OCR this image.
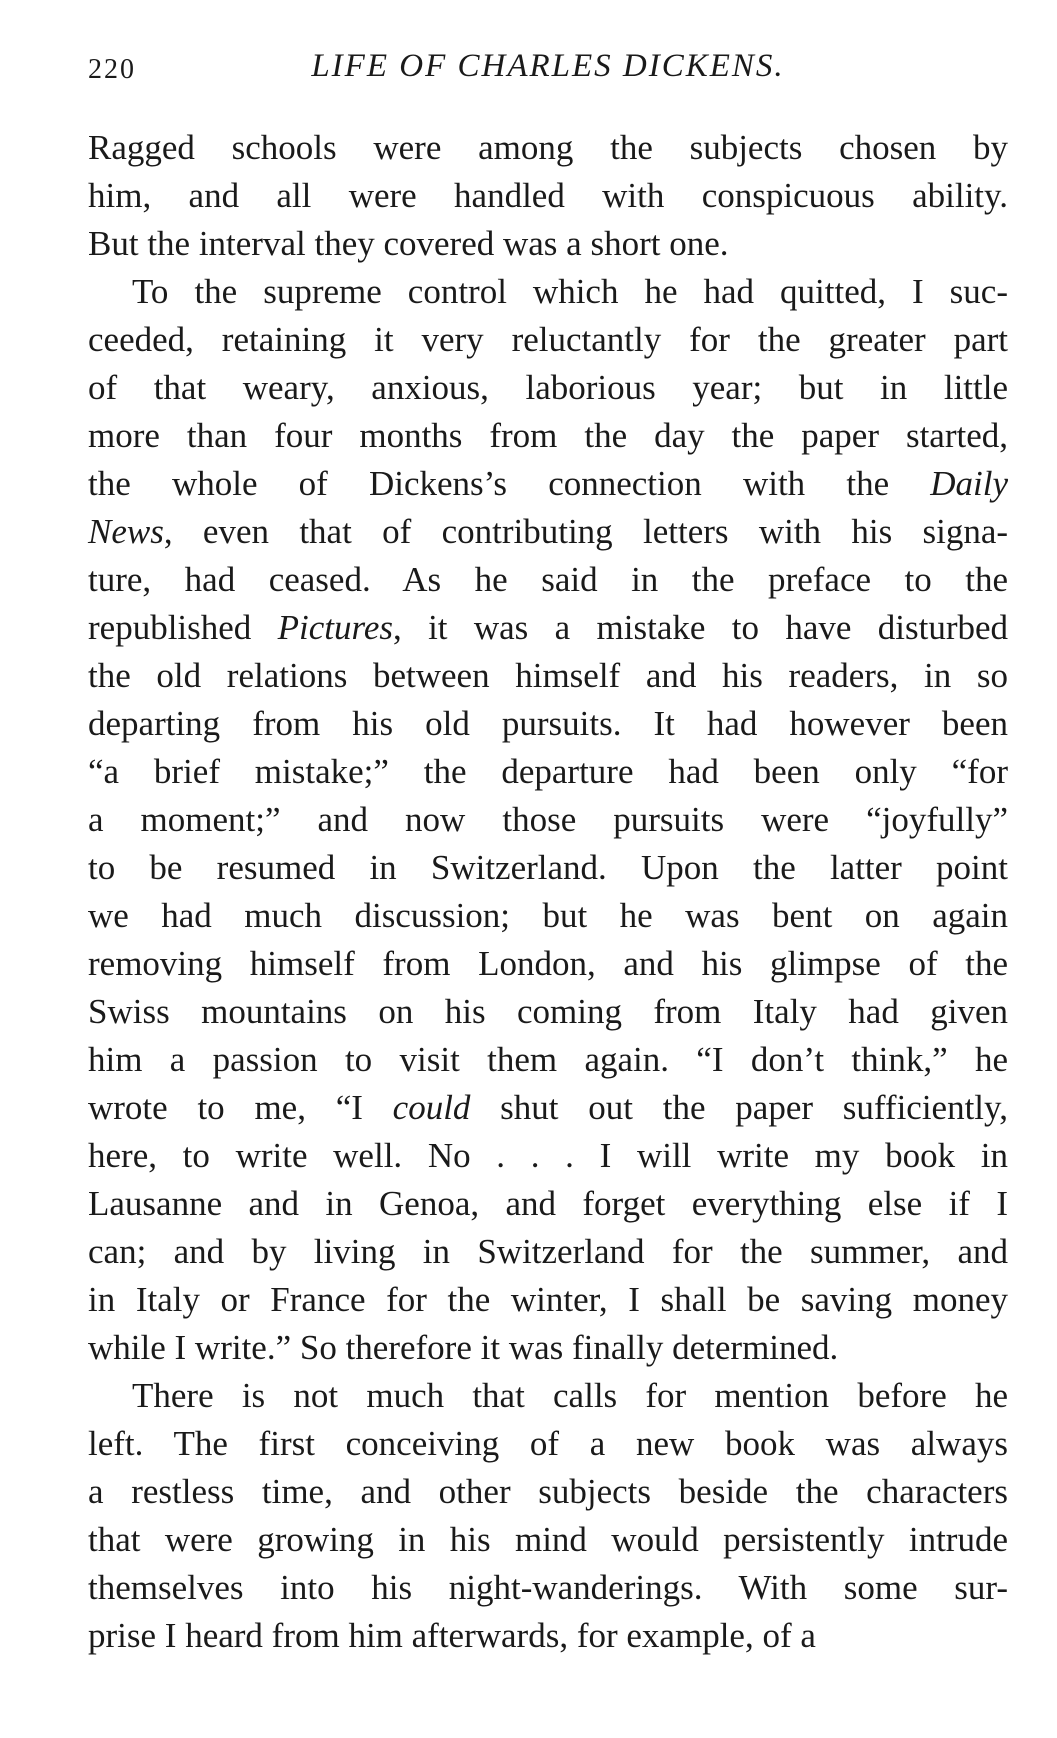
220	LIFE OF CHARLES DICKENS.
Ragged schools were among the subjects chosen by
him, and all were handled with conspicuous ability.
But the interval they covered was a short one.
To the supreme control which he had quitted, I suc-
ceeded, retaining it very reluctantly for the greater part
of that weary, anxious, laborious year; but in little
more than four months from the day the paper started,
the whole of Dickens’s connection with the Daily
News, even that of contributing letters with his signa-
ture, had ceased. As he said in the preface to the
republished Pictures, it was a mistake to have disturbed
the old relations between himself and his readers, in so
departing from his old pursuits. It had however been
“a brief mistake;” the departure had been only “for
a moment;” and now those pursuits were “joyfully”
to be resumed in Switzerland. Upon the latter point
we had much discussion; but he was bent on again
removing himself from London, and his glimpse of the
Swiss mountains on his coming from Italy had given
him a passion to visit them again. “I don’t think,” he
wrote to me, “I could shut out the paper sufficiently,
here, to write well. No . . . I will write my book in
Lausanne and in Genoa, and forget everything else if I
can; and by living in Switzerland for the summer, and
in Italy or France for the winter, I shall be saving money
while I write.” So therefore it was finally determined.
There is not much that calls for mention before he
left. The first conceiving of a new book was always
a restless time, and other subjects beside the characters
that were growing in his mind would persistently intrude
themselves into his night-wanderings. With some sur-
prise I heard from him afterwards, for example, of a
